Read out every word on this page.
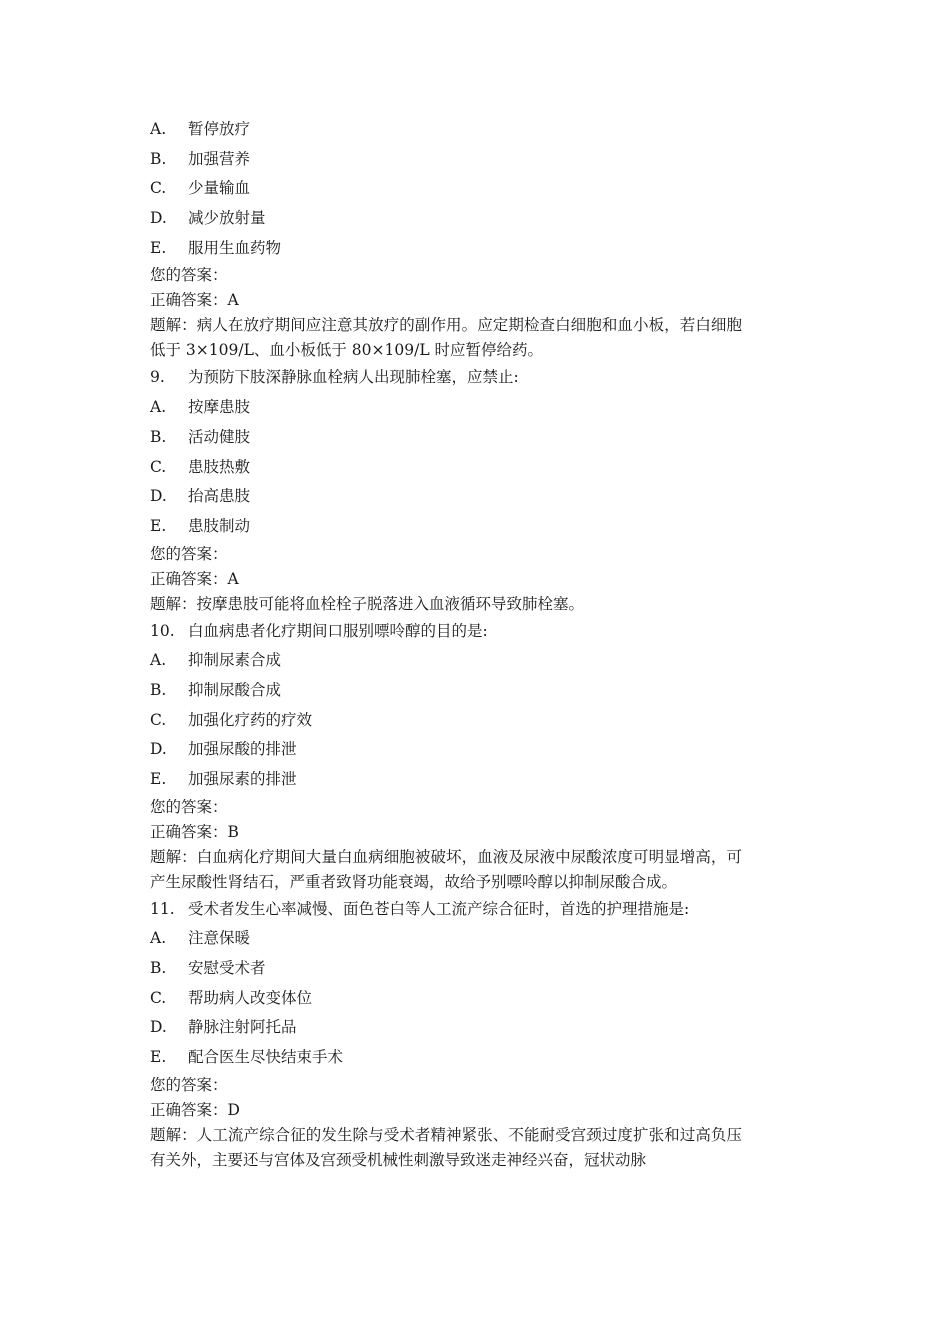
A. 暂停放疗
B. 加强营养
C. 少量输血
D. 减少放射量
E. 服用生血药物
您的答案：
正确答案：A
题解：病人在放疗期间应注意其放疗的副作用。应定期检查白细胞和血小板，若白细胞低于 3×109/L、血小板低于 80×109/L 时应暂停给药。
9. 为预防下肢深静脉血栓病人出现肺栓塞，应禁止:
A. 按摩患肢
B. 活动健肢
C. 患肢热敷
D. 抬高患肢
E. 患肢制动
您的答案：
正确答案：A
题解：按摩患肢可能将血栓栓子脱落进入血液循环导致肺栓塞。
10. 白血病患者化疗期间口服别嘌呤醇的目的是:
A. 抑制尿素合成
B. 抑制尿酸合成
C. 加强化疗药的疗效
D. 加强尿酸的排泄
E. 加强尿素的排泄
您的答案：
正确答案：B
题解：白血病化疗期间大量白血病细胞被破坏，血液及尿液中尿酸浓度可明显增高，可产生尿酸性肾结石，严重者致肾功能衰竭，故给予别嘌呤醇以抑制尿酸合成。
11. 受术者发生心率减慢、面色苍白等人工流产综合征时，首选的护理措施是:
A. 注意保暖
B. 安慰受术者
C. 帮助病人改变体位
D. 静脉注射阿托品
E. 配合医生尽快结束手术
您的答案：
正确答案：D
题解：人工流产综合征的发生除与受术者精神紧张、不能耐受宫颈过度扩张和过高负压有关外，主要还与宫体及宫颈受机械性刺激导致迷走神经兴奋，冠状动脉
